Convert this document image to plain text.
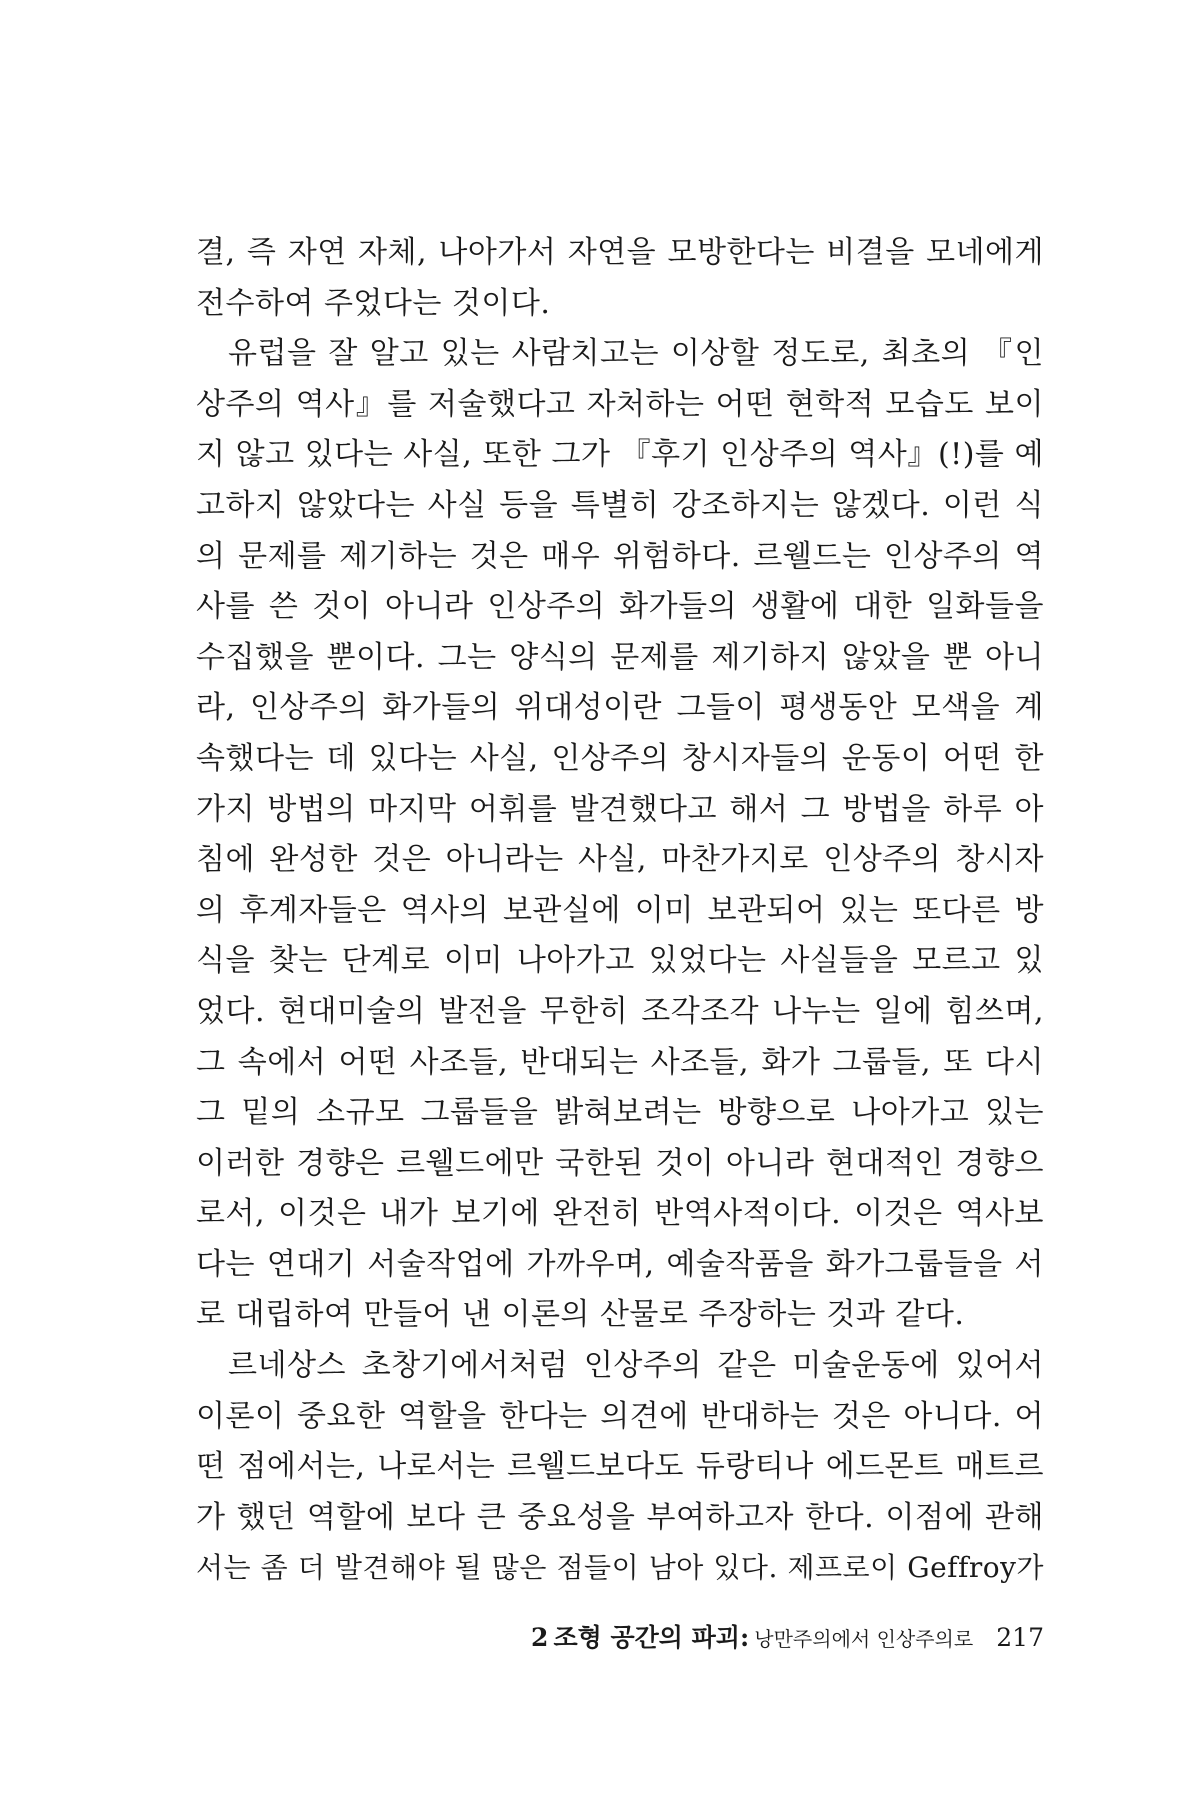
결, 즉 자연 자체, 나아가서 자연을 모방한다는 비결을 모네에게
전수하여 주었다는 것이다.
유럽을 잘 알고 있는 사람치고는 이상할 정도로, 최초의 『인
상주의 역사』를 저술했다고 자처하는 어떤 현학적 모습도 보이
지 않고 있다는 사실, 또한 그가 『후기 인상주의 역사』(!)를 예
고하지 않았다는 사실 등을 특별히 강조하지는 않겠다. 이런 식
의 문제를 제기하는 것은 매우 위험하다. 르웰드는 인상주의 역
사를 쓴 것이 아니라 인상주의 화가들의 생활에 대한 일화들을
수집했을 뿐이다. 그는 양식의 문제를 제기하지 않았을 뿐 아니
라, 인상주의 화가들의 위대성이란 그들이 평생동안 모색을 계
속했다는 데 있다는 사실, 인상주의 창시자들의 운동이 어떤 한
가지 방법의 마지막 어휘를 발견했다고 해서 그 방법을 하루 아
침에 완성한 것은 아니라는 사실, 마찬가지로 인상주의 창시자
의 후계자들은 역사의 보관실에 이미 보관되어 있는 또다른 방
식을 찾는 단계로 이미 나아가고 있었다는 사실들을 모르고 있
었다. 현대미술의 발전을 무한히 조각조각 나누는 일에 힘쓰며,
그 속에서 어떤 사조들, 반대되는 사조들, 화가 그룹들, 또 다시
그 밑의 소규모 그룹들을 밝혀보려는 방향으로 나아가고 있는
이러한 경향은 르웰드에만 국한된 것이 아니라 현대적인 경향으
로서, 이것은 내가 보기에 완전히 반역사적이다. 이것은 역사보
다는 연대기 서술작업에 가까우며, 예술작품을 화가그룹들을 서
로 대립하여 만들어 낸 이론의 산물로 주장하는 것과 같다.
르네상스 초창기에서처럼 인상주의 같은 미술운동에 있어서
이론이 중요한 역할을 한다는 의견에 반대하는 것은 아니다. 어
떤 점에서는, 나로서는 르웰드보다도 듀랑티나 에드몬트 매트르
가 했던 역할에 보다 큰 중요성을 부여하고자 한다. 이점에 관해
서는 좀 더 발견해야 될 많은 점들이 남아 있다. 제프로이 Geffroy가
2 조형 공간의 파괴: 낭만주의에서 인상주의로 217
